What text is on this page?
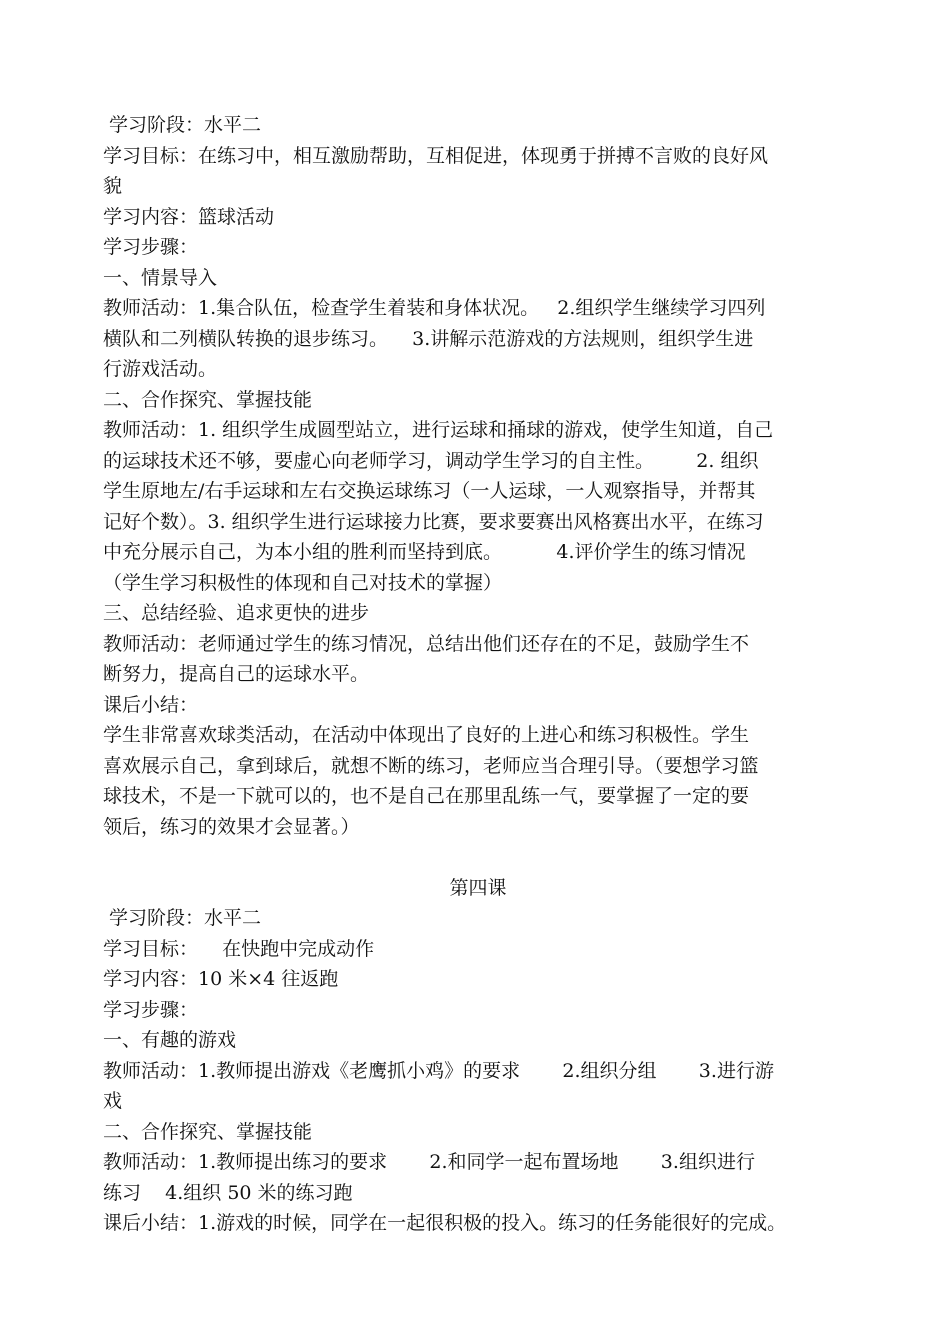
学习阶段：水平二
学习目标：在练习中，相互激励帮助，互相促进，体现勇于拼搏不言败的良好风
貌
学习内容：篮球活动
学习步骤：
一、情景导入
教师活动：1.集合队伍，检查学生着装和身体状况。   2.组织学生继续学习四列
横队和二列横队转换的退步练习。    3.讲解示范游戏的方法规则，组织学生进
行游戏活动。
二、合作探究、掌握技能
教师活动：1. 组织学生成圆型站立，进行运球和捅球的游戏，使学生知道，自己
的运球技术还不够，要虚心向老师学习，调动学生学习的自主性。       2. 组织
学生原地左/右手运球和左右交换运球练习（一人运球，一人观察指导，并帮其
记好个数）。3. 组织学生进行运球接力比赛，要求要赛出风格赛出水平，在练习
中充分展示自己，为本小组的胜利而坚持到底。         4.评价学生的练习情况
（学生学习积极性的体现和自己对技术的掌握）
三、总结经验、追求更快的进步
教师活动：老师通过学生的练习情况，总结出他们还存在的不足，鼓励学生不
断努力，提高自己的运球水平。
课后小结：
学生非常喜欢球类活动，在活动中体现出了良好的上进心和练习积极性。学生
喜欢展示自己，拿到球后，就想不断的练习，老师应当合理引导。（要想学习篮
球技术，不是一下就可以的，也不是自己在那里乱练一气，要掌握了一定的要
领后，练习的效果才会显著。）
第四课
学习阶段：水平二
学习目标：    在快跑中完成动作
学习内容：10 米×4 往返跑
学习步骤：
一、有趣的游戏
教师活动：1.教师提出游戏《老鹰抓小鸡》的要求       2.组织分组       3.进行游
戏
二、合作探究、掌握技能
教师活动：1.教师提出练习的要求       2.和同学一起布置场地       3.组织进行
练习    4.组织 50 米的练习跑
课后小结：1.游戏的时候，同学在一起很积极的投入。练习的任务能很好的完成。
